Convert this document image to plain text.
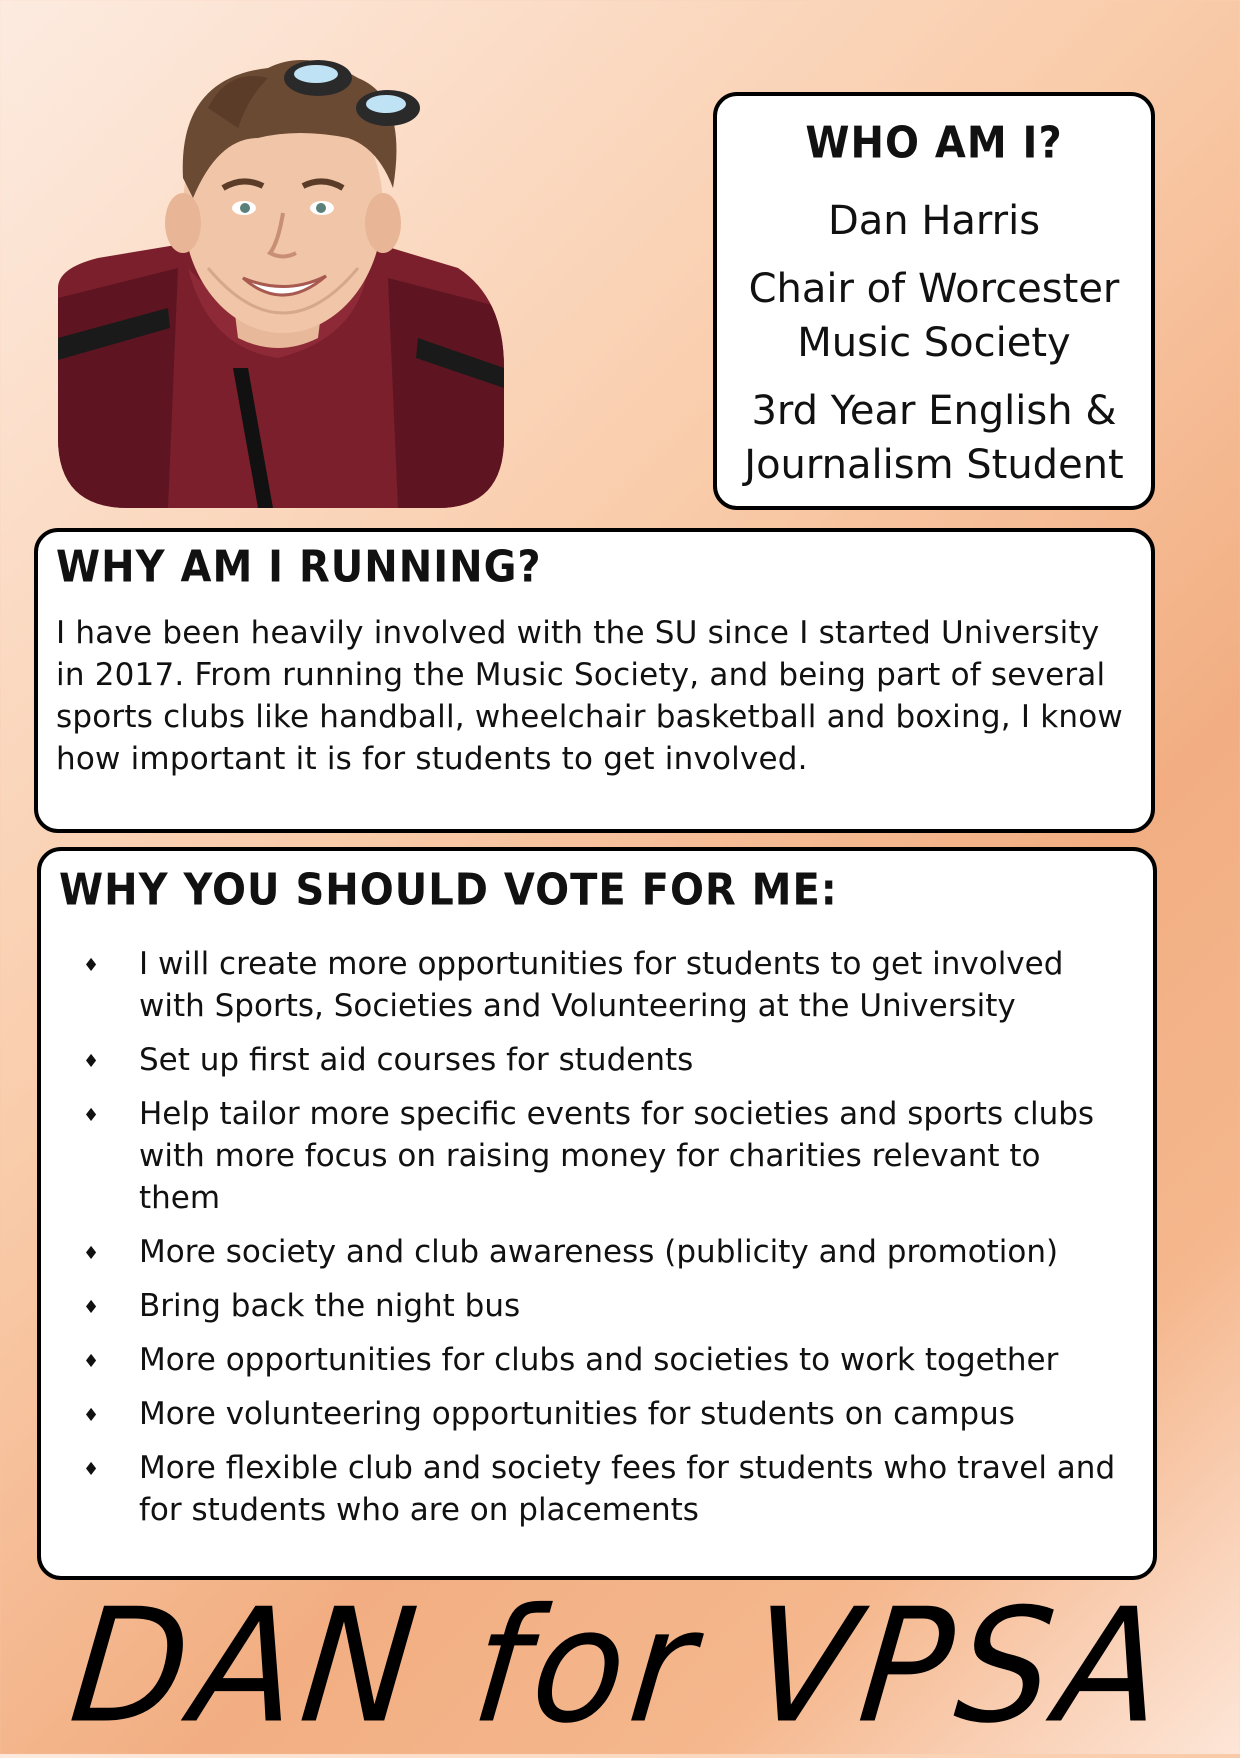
WHO AM I?
Dan Harris
Chair of Worcester
Music Society
3rd Year English &
Journalism Student
WHY AM I RUNNING?
I have been heavily involved with the SU since I started University in 2017. From running the Music Society, and being part of several sports clubs like handball, wheelchair basketball and boxing, I know how important it is for students to get involved.
WHY YOU SHOULD VOTE FOR ME:
♦ I will create more opportunities for students to get involved with Sports, Societies and Volunteering at the University
♦ Set up first aid courses for students
♦ Help tailor more specific events for societies and sports clubs with more focus on raising money for charities relevant to them
♦ More society and club awareness (publicity and promotion)
♦ Bring back the night bus
♦ More opportunities for clubs and societies to work together
♦ More volunteering opportunities for students on campus
♦ More flexible club and society fees for students who travel and for students who are on placements
DAN for VPSA
